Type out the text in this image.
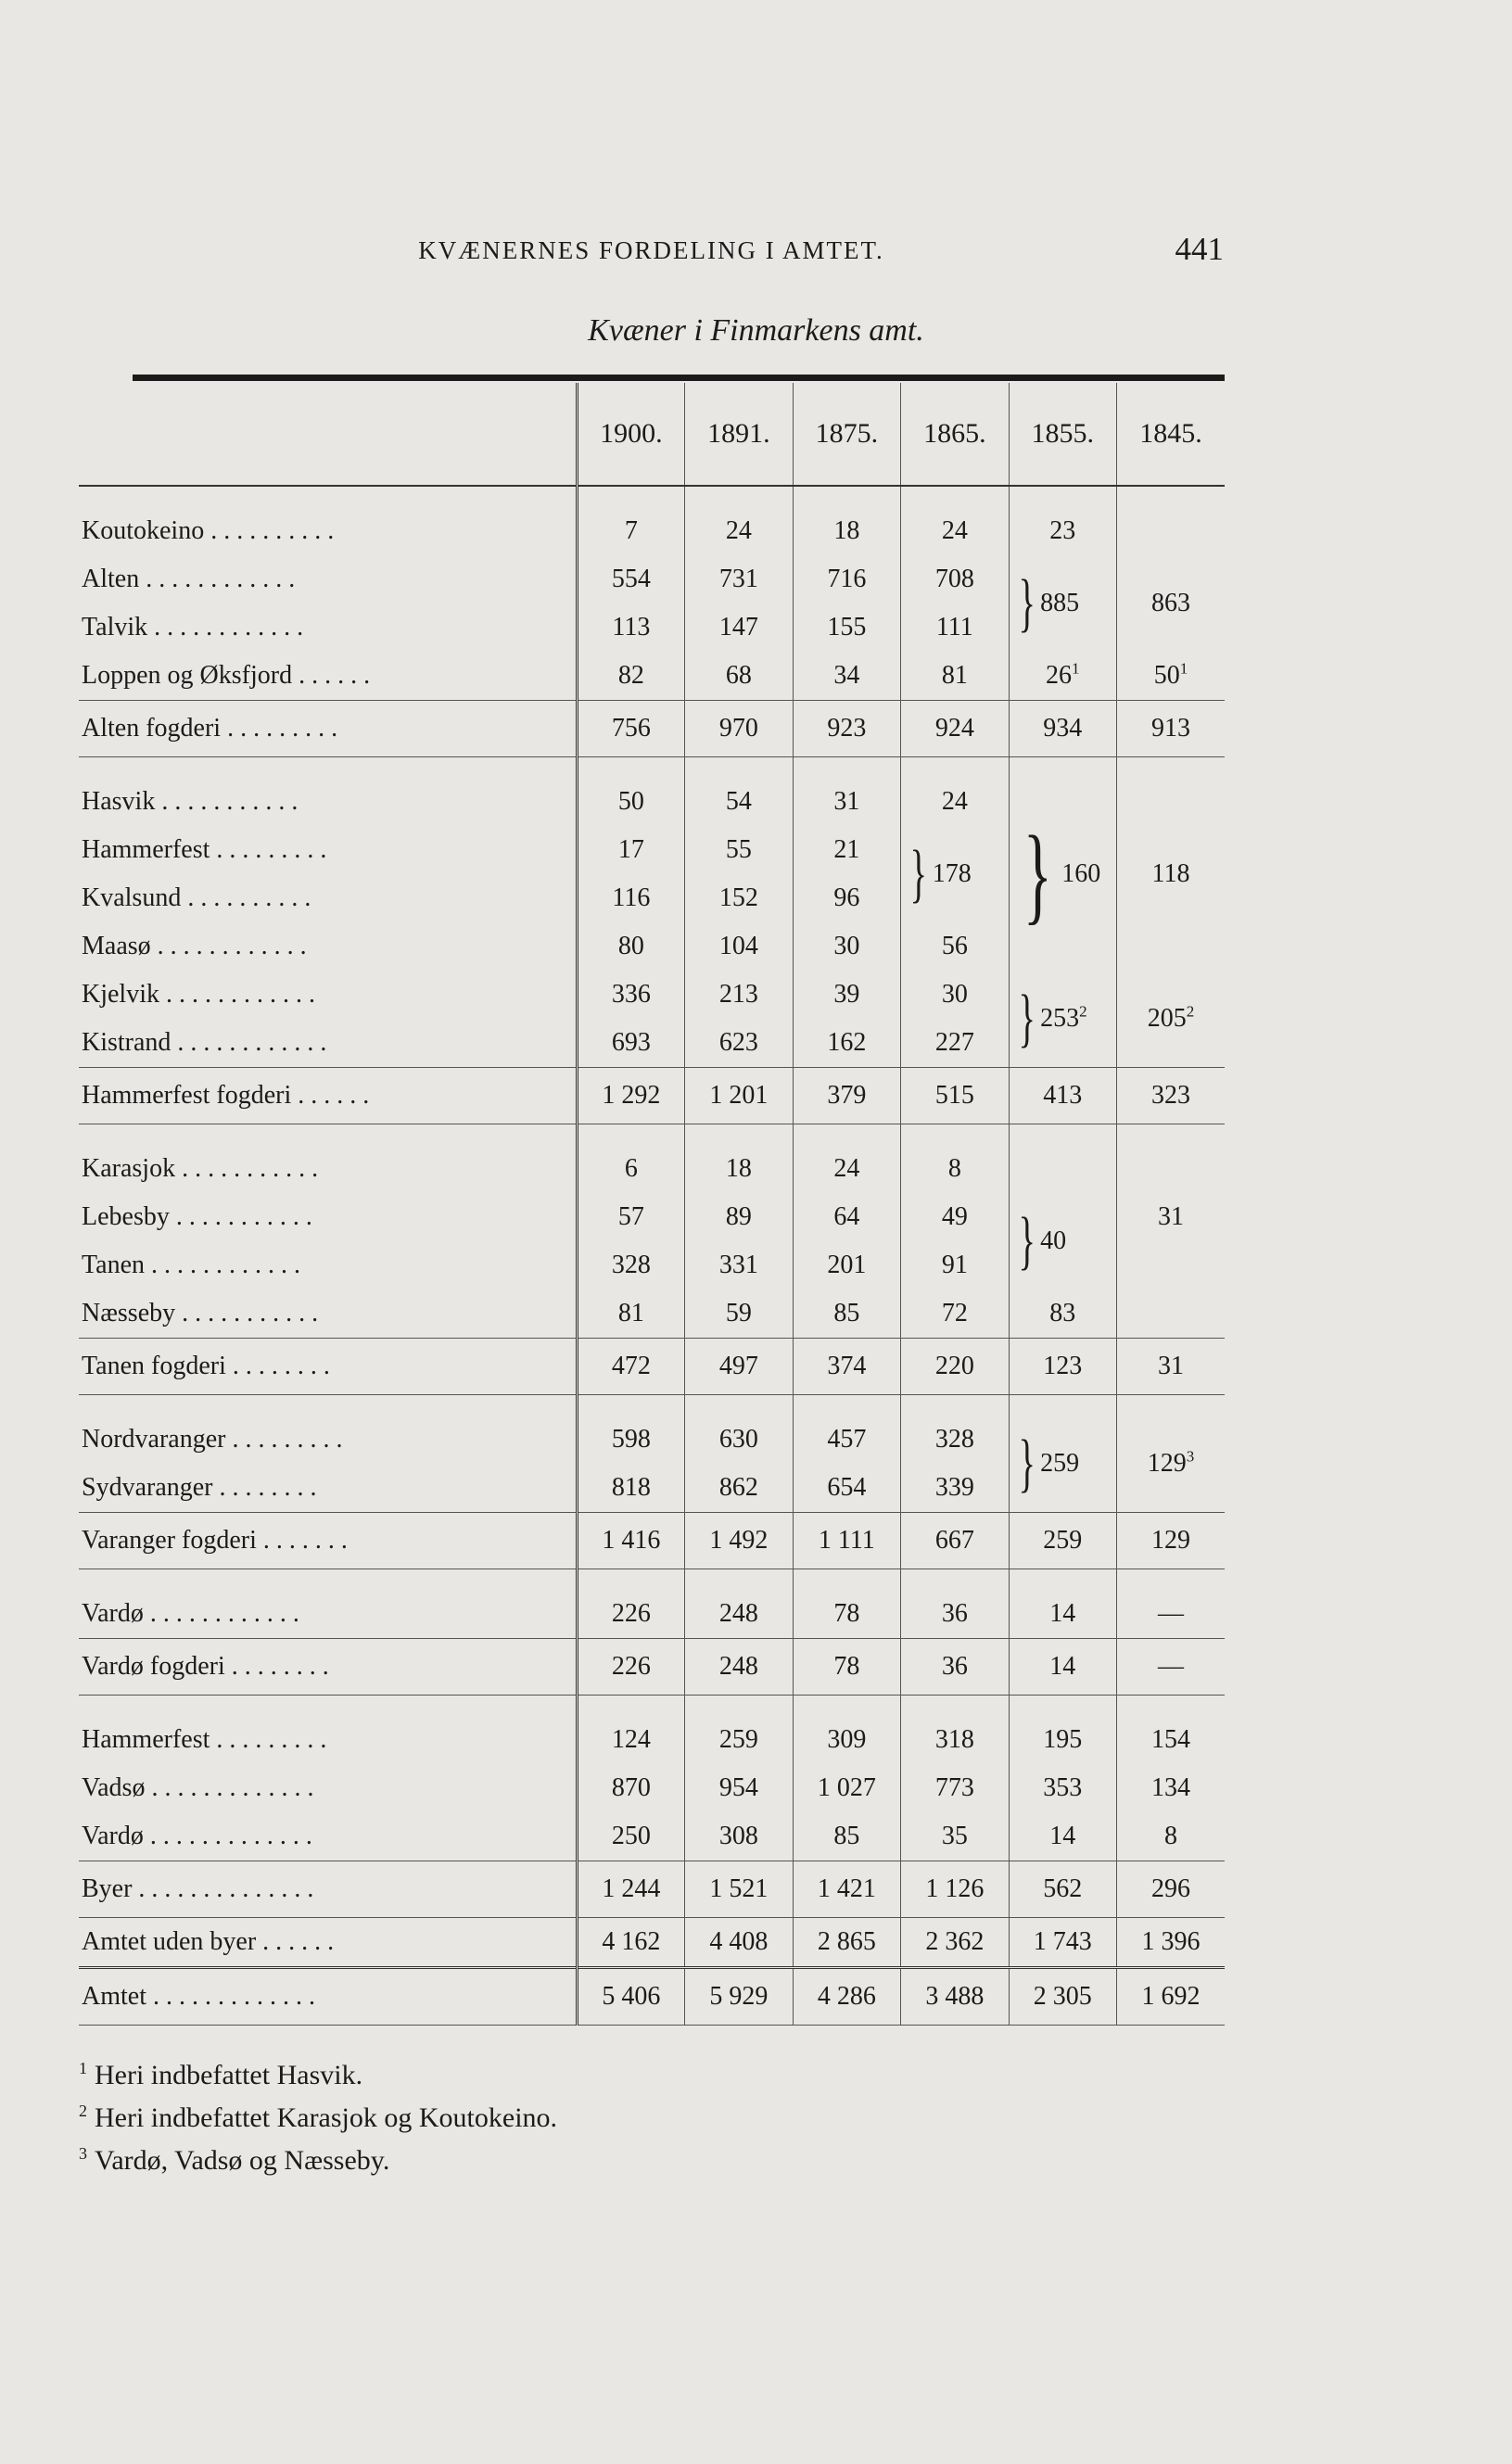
KVÆNERNES FORDELING I AMTET.	441
Kvæner i Finmarkens amt.
	1900.	1891.	1875.	1865.	1855.	1845.

Koutokeino . . . . . . . . . .	7	24	18	24	23	
Alten . . . . . . . . . . . .	554	731	716	708	} 885	863
Talvik . . . . . . . . . . . .	113	147	155	111		
Loppen og Øksfjord . . . . . .	82	68	34	81	$26^1$	$50^1$
Alten fogderi . . . . . . . . .	756	970	923	924	934	913

Hasvik . . . . . . . . . . .	50	54	31	24	} 160	118
Hammerfest . . . . . . . . .	17	55	21	} 178		

Kvalsund . . . . . . . . . .	116	152	96			
Maasø . . . . . . . . . . . .	80	104	30	56		
Kjelvik . . . . . . . . . . . .	336	213	39	30	} $253^2$	$205^2$
Kistrand . . . . . . . . . . . .	693	623	162	227		
Hammerfest fogderi . . . . . .	1 292	1 201	379	515	413	323

Karasjok . . . . . . . . . . .	6	18	24	8		31
Lebesby . . . . . . . . . . .	57	89	64	49	} 40	

Tanen . . . . . . . . . . . .	328	331	201	91		
Næsseby . . . . . . . . . . .	81	59	85	72	83	
Tanen fogderi . . . . . . . .	472	497	374	220	123	31

Nordvaranger . . . . . . . . .	598	630	457	328	} 259	$129^3$
Sydvaranger . . . . . . . .	818	862	654	339		
Varanger fogderi . . . . . . .	1 416	1 492	1 111	667	259	129

Vardø . . . . . . . . . . . .	226	248	78	36	14	—
Vardø fogderi . . . . . . . .	226	248	78	36	14	—

Hammerfest . . . . . . . . .	124	259	309	318	195	154
Vadsø . . . . . . . . . . . . .	870	954	1 027	773	353	134
Vardø . . . . . . . . . . . . .	250	308	85	35	14	8
Byer . . . . . . . . . . . . . .	1 244	1 521	1 421	1 126	562	296
Amtet uden byer . . . . . .	4 162	4 408	2 865	2 362	1 743	1 396
Amtet . . . . . . . . . . . . .	5 406	5 929	4 286	3 488	2 305	1 692
$^1$ Heri indbefattet Hasvik.
$^2$ Heri indbefattet Karasjok og Koutokeino.
$^3$ Vardø, Vadsø og Næsseby.
